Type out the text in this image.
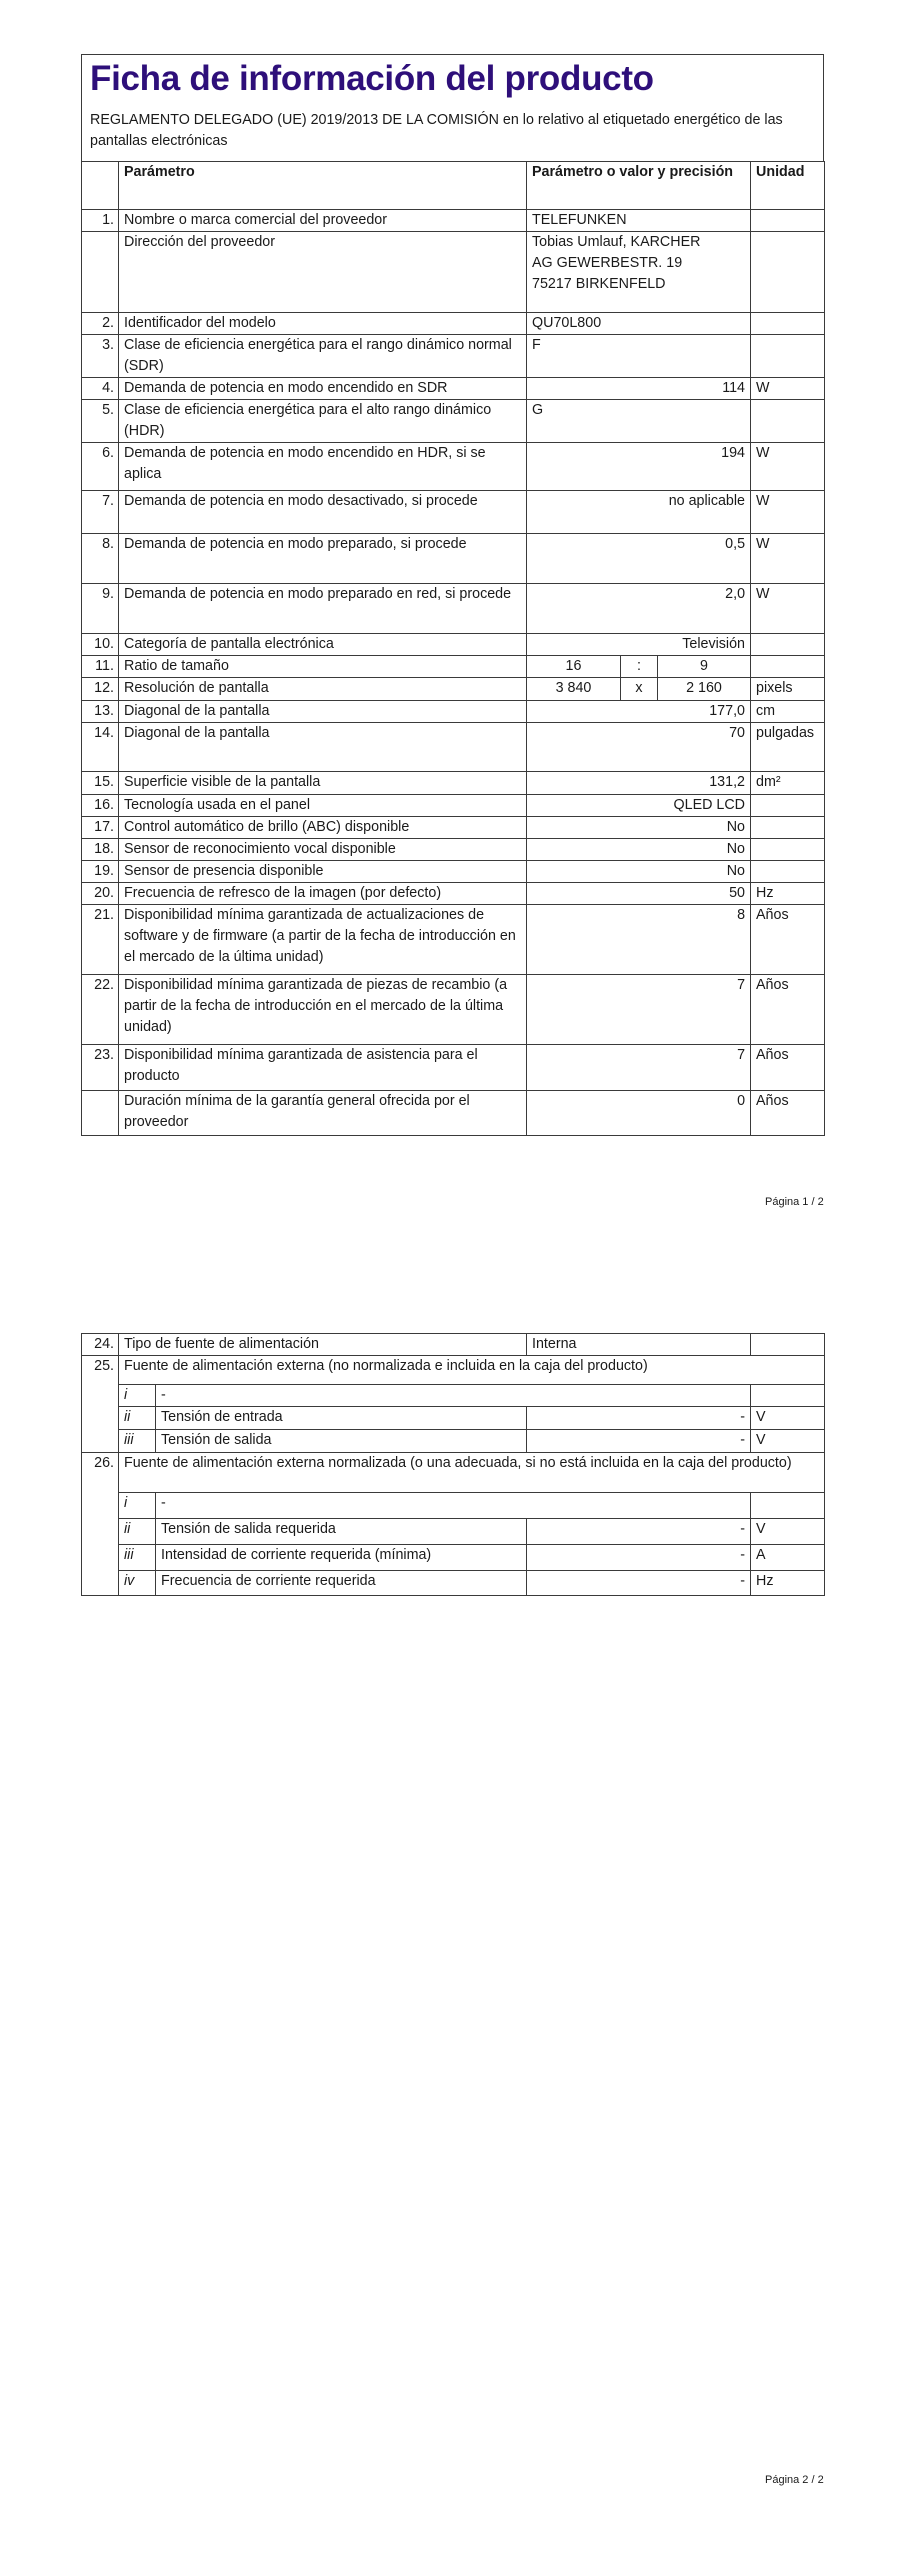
Ficha de información del producto
REGLAMENTO DELEGADO (UE) 2019/2013 DE LA COMISIÓN en lo relativo al etiquetado energético de las pantallas electrónicas
	Parámetro	Parámetro o valor y precisión			Unidad
1.	Nombre o marca comercial del proveedor	TELEFUNKEN			
	Dirección del proveedor	Tobias Umlauf, KARCHER
AG GEWERBESTR. 19
75217 BIRKENFELD			

2.	Identificador del modelo	QU70L800			
3.	Clase de eficiencia energética para el rango dinámico normal (SDR)	F			
4.	Demanda de potencia en modo encendido en SDR	114			W
5.	Clase de eficiencia energética para el alto rango dinámico (HDR)	G			
6.	Demanda de potencia en modo encendido en HDR, si se aplica	194			W
7.	Demanda de potencia en modo desactivado, si procede	no aplicable			W
8.	Demanda de potencia en modo preparado, si procede	0,5			W
9.	Demanda de potencia en modo preparado en red, si procede	2,0			W
10.	Categoría de pantalla electrónica	Televisión			
11.	Ratio de tamaño	16	:	9	
12.	Resolución de pantalla	3 840	x	2 160	pixels
13.	Diagonal de la pantalla	177,0			cm
14.	Diagonal de la pantalla	70			pulgadas
15.	Superficie visible de la pantalla	131,2			dm²
16.	Tecnología usada en el panel	QLED LCD			
17.	Control automático de brillo (ABC) disponible	No			
18.	Sensor de reconocimiento vocal disponible	No			
19.	Sensor de presencia disponible	No			
20.	Frecuencia de refresco de la imagen (por defecto)	50			Hz
21.	Disponibilidad mínima garantizada de actualizaciones de software y de firmware (a partir de la fecha de introducción en el mercado de la última unidad)	8			Años
22.	Disponibilidad mínima garantizada de piezas de recambio (a partir de la fecha de introducción en el mercado de la última unidad)	7			Años
23.	Disponibilidad mínima garantizada de asistencia para el producto	7			Años
	Duración mínima de la garantía general ofrecida por el proveedor	0			Años
Página 1 / 2
24.	Tipo de fuente de alimentación		Interna	
25.	Fuente de alimentación externa (no normalizada e incluida en la caja del producto)			
	i	-		
	ii	Tensión de entrada	-	V
	iii	Tensión de salida	-	V
26.	Fuente de alimentación externa normalizada (o una adecuada, si no está incluida en la caja del producto)			
	i	-		
	ii	Tensión de salida requerida	-	V
	iii	Intensidad de corriente requerida (mínima)	-	A
	iv	Frecuencia de corriente requerida	-	Hz
Página 2 / 2
